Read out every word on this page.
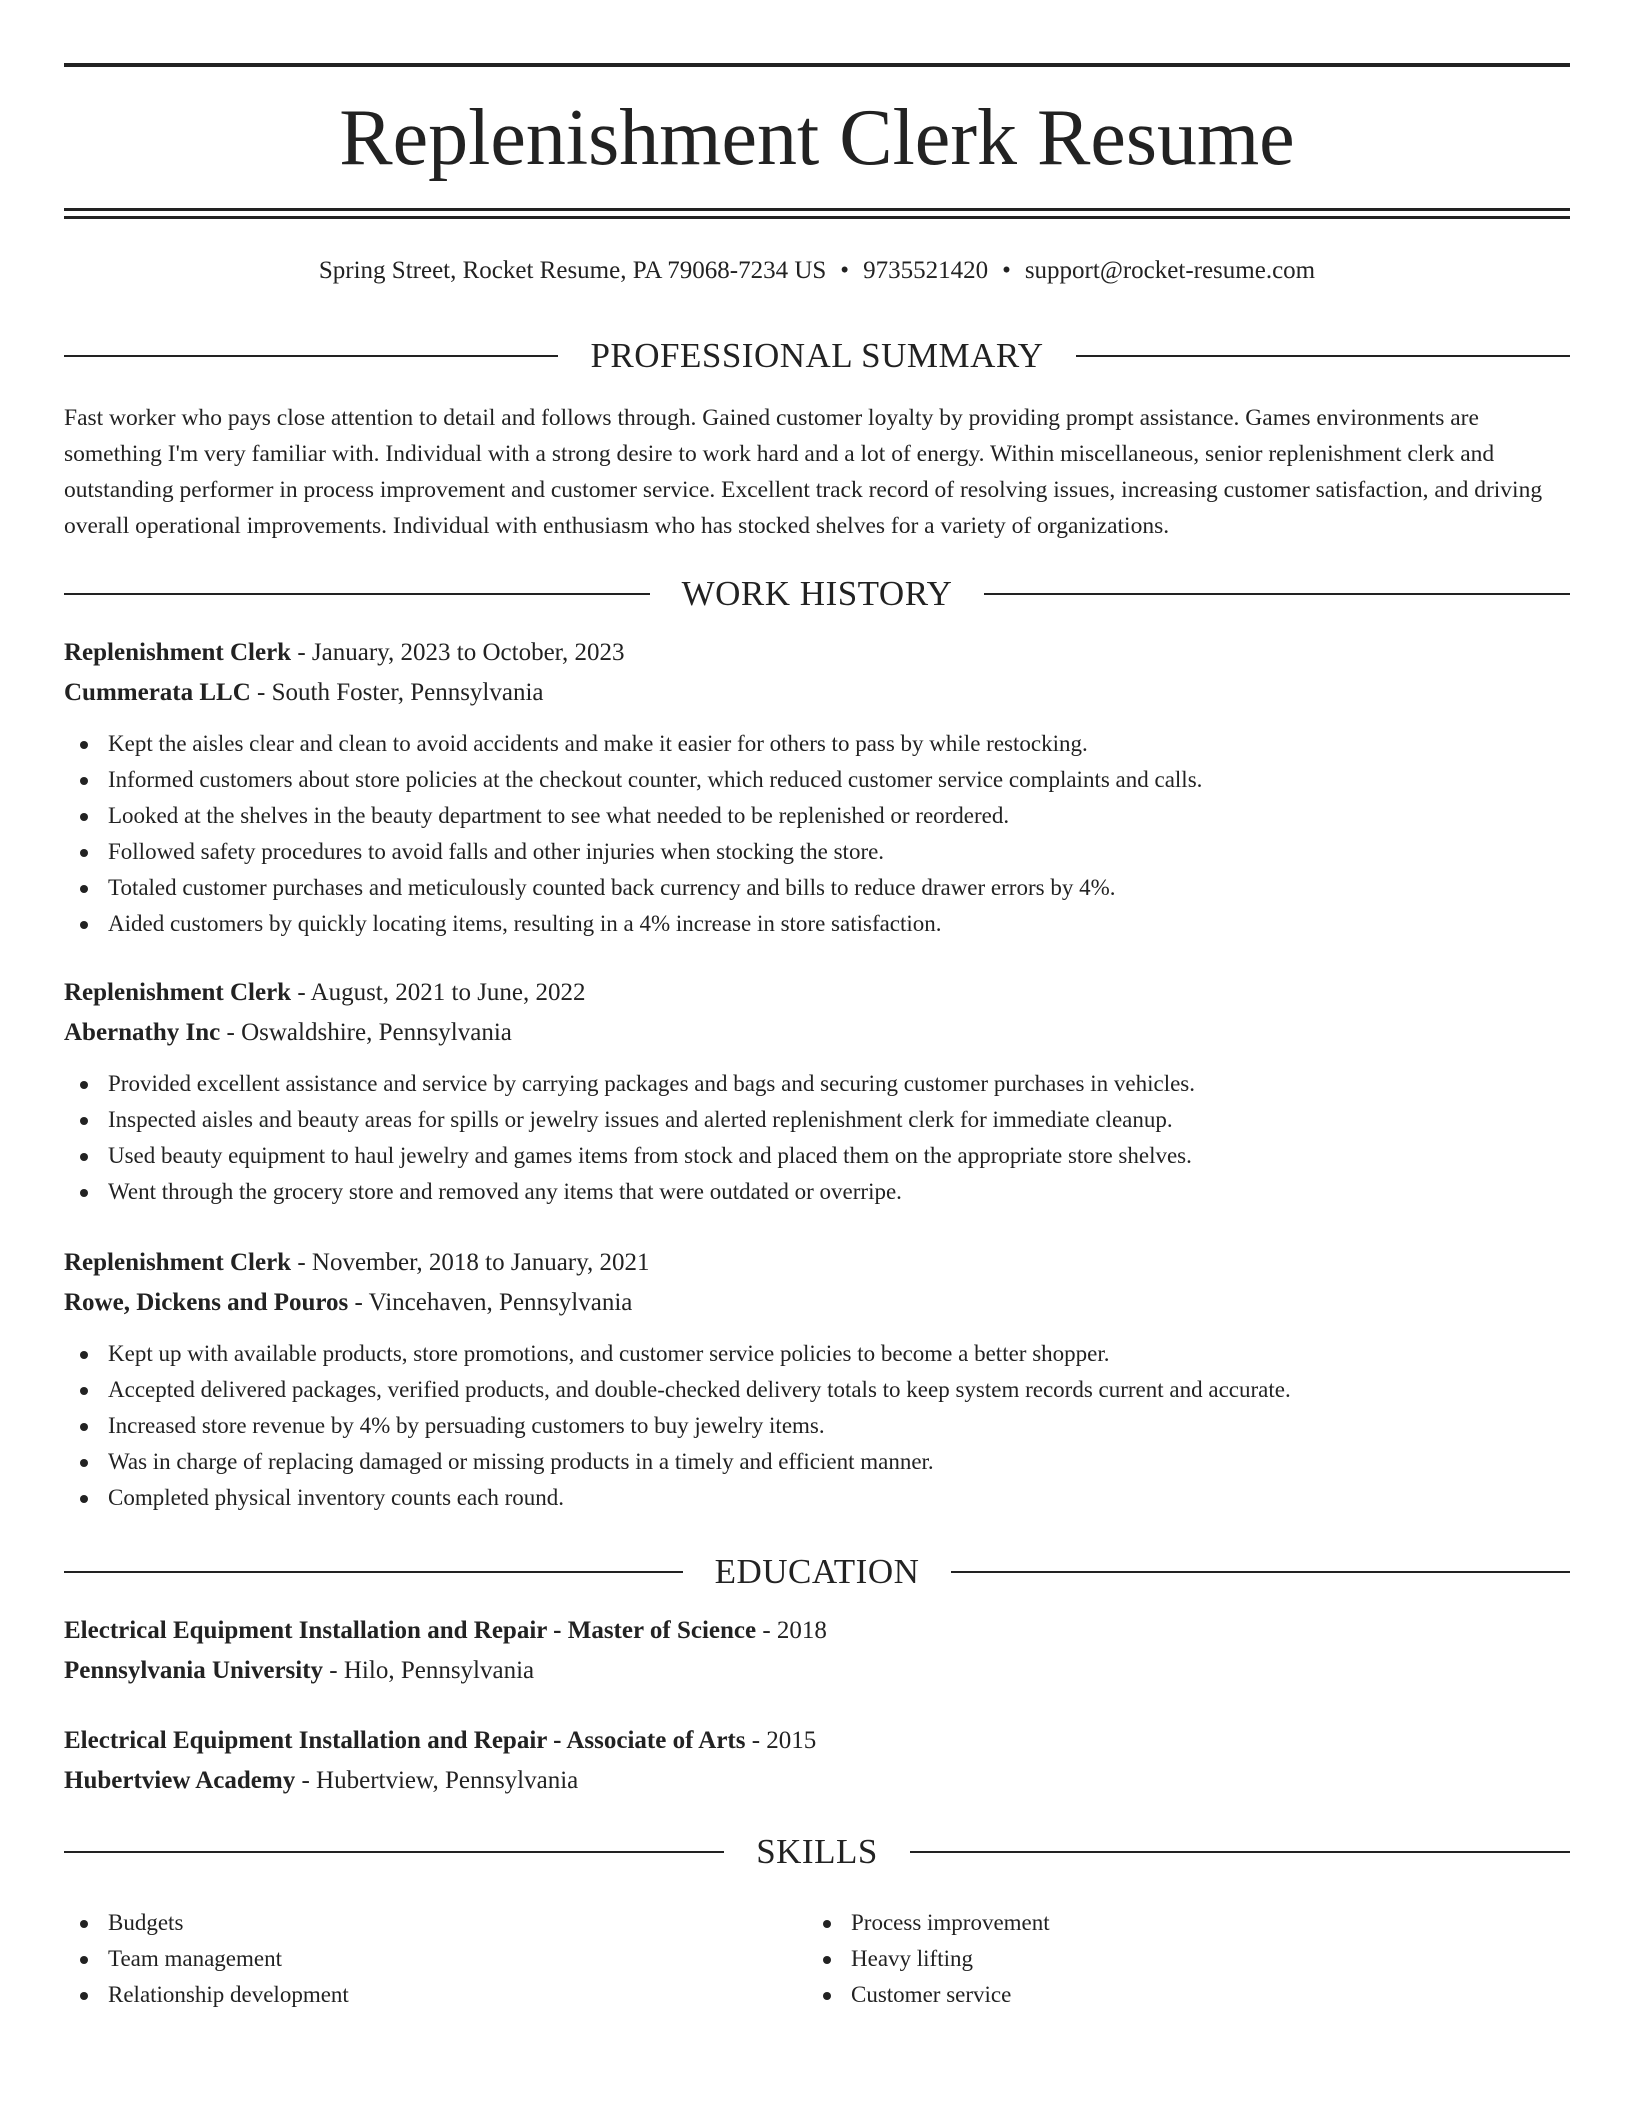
Replenishment Clerk Resume
Spring Street, Rocket Resume, PA 79068-7234 US • 9735521420 • support@rocket-resume.com
PROFESSIONAL SUMMARY

Fast worker who pays close attention to detail and follows through. Gained customer loyalty by providing prompt assistance. Games environments are something I'm very familiar with. Individual with a strong desire to work hard and a lot of energy. Within miscellaneous, senior replenishment clerk and outstanding performer in process improvement and customer service. Excellent track record of resolving issues, increasing customer satisfaction, and driving overall operational improvements. Individual with enthusiasm who has stocked shelves for a variety of organizations.

WORK HISTORY
Replenishment Clerk - January, 2023 to October, 2023
Cummerata LLC - South Foster, Pennsylvania
Kept the aisles clear and clean to avoid accidents and make it easier for others to pass by while restocking.
Informed customers about store policies at the checkout counter, which reduced customer service complaints and calls.
Looked at the shelves in the beauty department to see what needed to be replenished or reordered.
Followed safety procedures to avoid falls and other injuries when stocking the store.
Totaled customer purchases and meticulously counted back currency and bills to reduce drawer errors by 4%.
Aided customers by quickly locating items, resulting in a 4% increase in store satisfaction.
Replenishment Clerk - August, 2021 to June, 2022
Abernathy Inc - Oswaldshire, Pennsylvania
Provided excellent assistance and service by carrying packages and bags and securing customer purchases in vehicles.
Inspected aisles and beauty areas for spills or jewelry issues and alerted replenishment clerk for immediate cleanup.
Used beauty equipment to haul jewelry and games items from stock and placed them on the appropriate store shelves.
Went through the grocery store and removed any items that were outdated or overripe.
Replenishment Clerk - November, 2018 to January, 2021
Rowe, Dickens and Pouros - Vincehaven, Pennsylvania
Kept up with available products, store promotions, and customer service policies to become a better shopper.
Accepted delivered packages, verified products, and double-checked delivery totals to keep system records current and accurate.
Increased store revenue by 4% by persuading customers to buy jewelry items.
Was in charge of replacing damaged or missing products in a timely and efficient manner.
Completed physical inventory counts each round.
EDUCATION
Electrical Equipment Installation and Repair - Master of Science - 2018
Pennsylvania University - Hilo, Pennsylvania
Electrical Equipment Installation and Repair - Associate of Arts - 2015
Hubertview Academy - Hubertview, Pennsylvania
SKILLS
Budgets
Team management
Relationship development
Process improvement
Heavy lifting
Customer service
